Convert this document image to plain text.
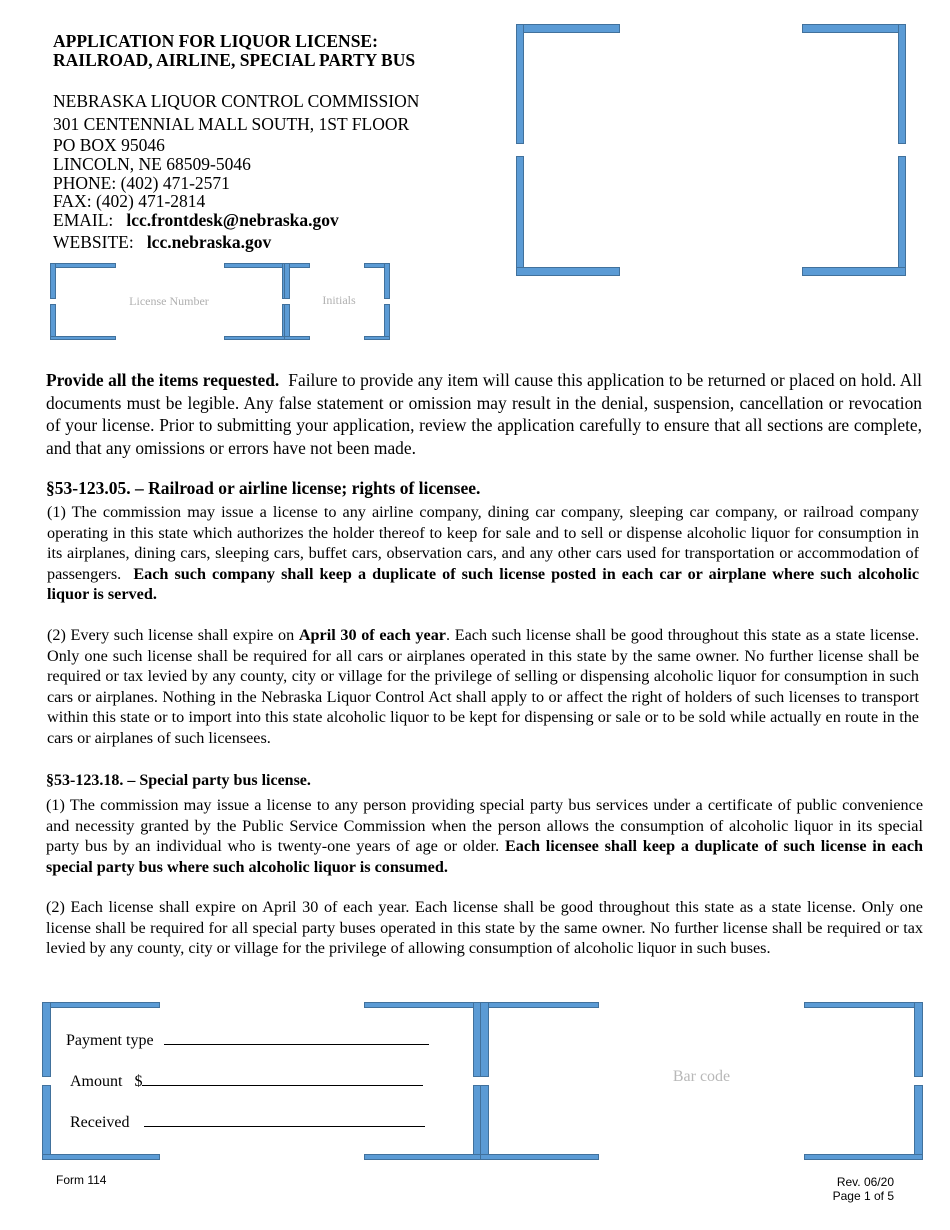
APPLICATION FOR LIQUOR LICENSE:
RAILROAD, AIRLINE, SPECIAL PARTY BUS
NEBRASKA LIQUOR CONTROL COMMISSION
301 CENTENNIAL MALL SOUTH, 1ST FLOOR
PO BOX 95046
LINCOLN, NE 68509-5046
PHONE: (402) 471-2571
FAX: (402) 471-2814
EMAIL: lcc.frontdesk@nebraska.gov
WEBSITE: lcc.nebraska.gov
License Number	Initials
Provide all the items requested. Failure to provide any item will cause this application to be returned or placed on hold. All documents must be legible. Any false statement or omission may result in the denial, suspension, cancellation or revocation of your license. Prior to submitting your application, review the application carefully to ensure that all sections are complete, and that any omissions or errors have not been made.
§53-123.05. – Railroad or airline license; rights of licensee.
(1) The commission may issue a license to any airline company, dining car company, sleeping car company, or railroad company operating in this state which authorizes the holder thereof to keep for sale and to sell or dispense alcoholic liquor for consumption in its airplanes, dining cars, sleeping cars, buffet cars, observation cars, and any other cars used for transportation or accommodation of passengers. Each such company shall keep a duplicate of such license posted in each car or airplane where such alcoholic liquor is served.
(2) Every such license shall expire on April 30 of each year. Each such license shall be good throughout this state as a state license. Only one such license shall be required for all cars or airplanes operated in this state by the same owner. No further license shall be required or tax levied by any county, city or village for the privilege of selling or dispensing alcoholic liquor for consumption in such cars or airplanes. Nothing in the Nebraska Liquor Control Act shall apply to or affect the right of holders of such licenses to transport within this state or to import into this state alcoholic liquor to be kept for dispensing or sale or to be sold while actually en route in the cars or airplanes of such licensees.
§53-123.18. – Special party bus license.
(1) The commission may issue a license to any person providing special party bus services under a certificate of public convenience and necessity granted by the Public Service Commission when the person allows the consumption of alcoholic liquor in its special party bus by an individual who is twenty-one years of age or older. Each licensee shall keep a duplicate of such license in each special party bus where such alcoholic liquor is consumed.
(2) Each license shall expire on April 30 of each year. Each license shall be good throughout this state as a state license. Only one license shall be required for all special party buses operated in this state by the same owner. No further license shall be required or tax levied by any county, city or village for the privilege of allowing consumption of alcoholic liquor in such buses.
Payment type
Amount $
Received
Bar code
Form 114	Rev. 06/20
Page 1 of 5
